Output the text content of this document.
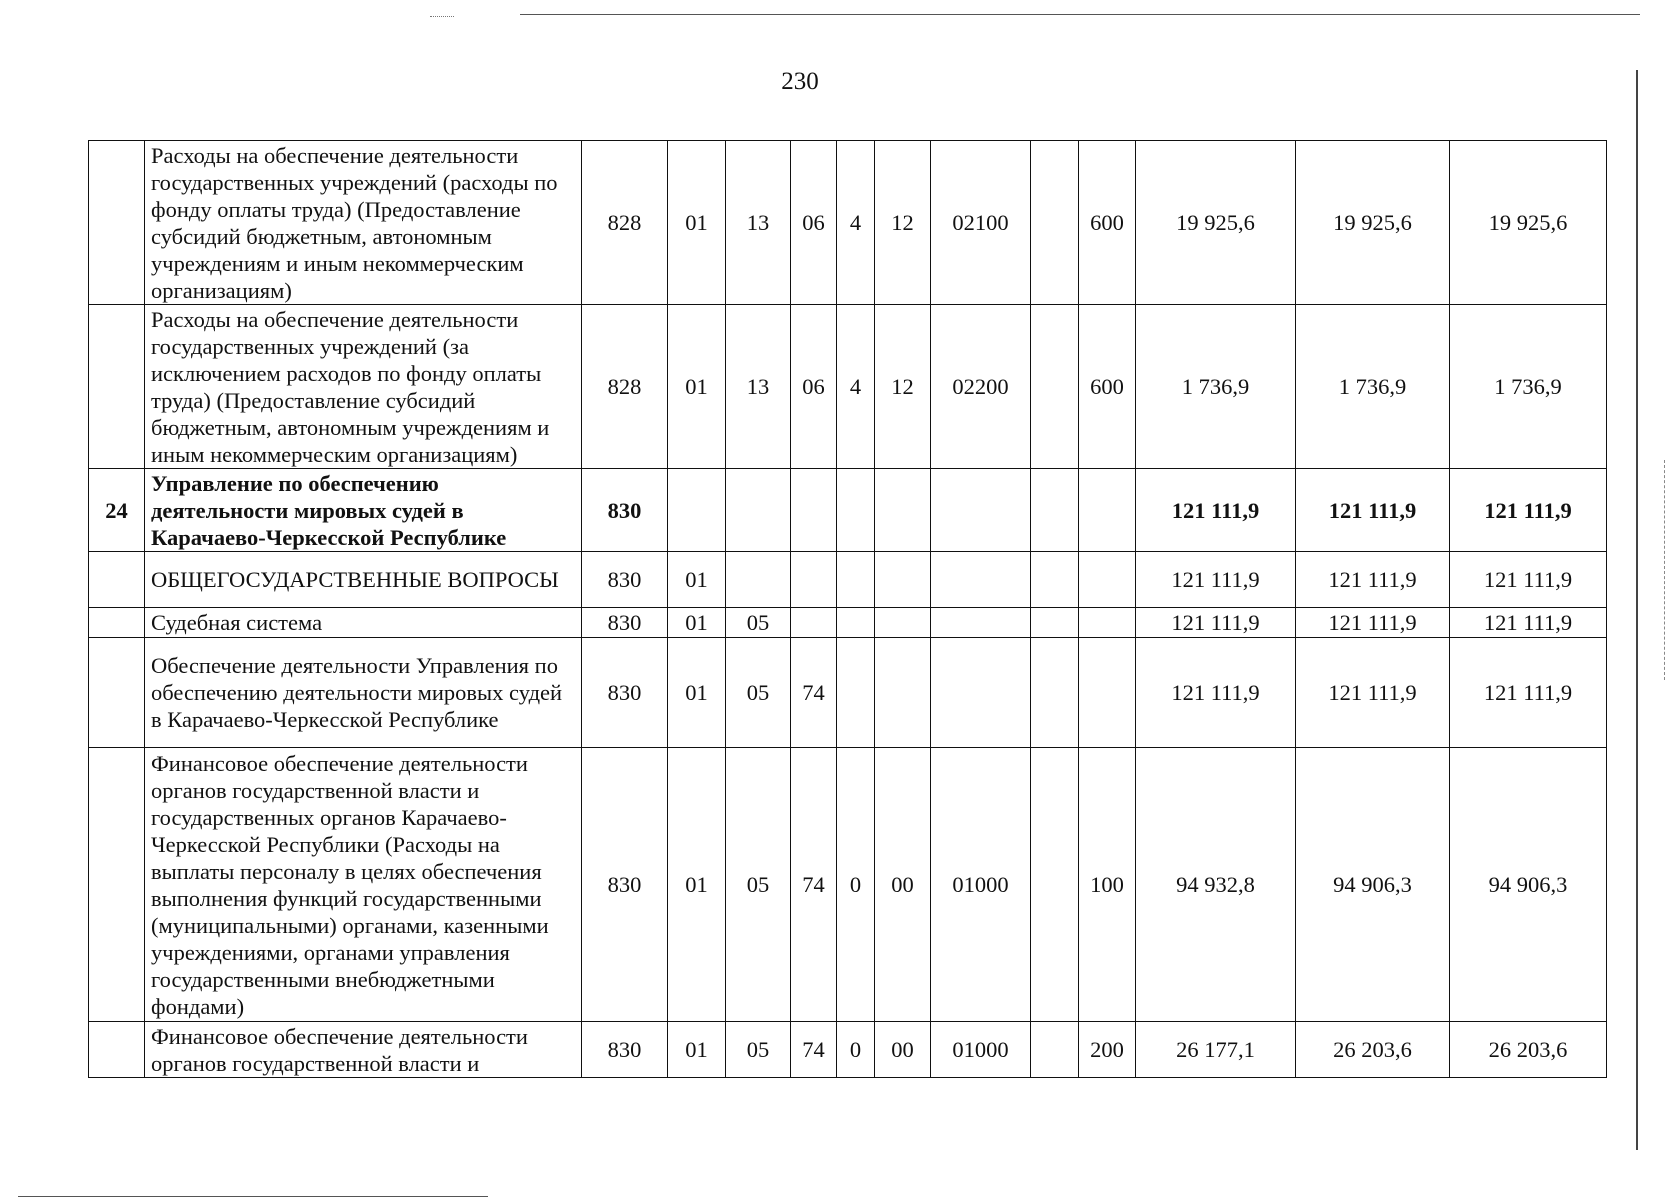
230
	Расходы на обеспечение деятельности государственных учреждений (расходы по фонду оплаты труда) (Предоставление субсидий бюджетным, автономным учреждениям и иным некоммерческим организациям)	828	01	13	06	4	12	02100		600	19 925,6	19 925,6	19 925,6
	Расходы на обеспечение деятельности государственных учреждений (за исключением расходов по фонду оплаты труда) (Предоставление субсидий бюджетным, автономным учреждениям и иным некоммерческим организациям)	828	01	13	06	4	12	02200		600	1 736,9	1 736,9	1 736,9
24	Управление по обеспечению деятельности мировых судей в Карачаево-Черкесской Республике	830									121 111,9	121 111,9	121 111,9
	ОБЩЕГОСУДАРСТВЕННЫЕ ВОПРОСЫ	830	01								121 111,9	121 111,9	121 111,9
	Судебная система	830	01	05							121 111,9	121 111,9	121 111,9
	Обеспечение деятельности Управления по обеспечению деятельности мировых судей в Карачаево-Черкесской Республике	830	01	05	74						121 111,9	121 111,9	121 111,9
	Финансовое обеспечение деятельности органов государственной власти и государственных органов Карачаево-Черкесской Республики (Расходы на выплаты персоналу в целях обеспечения выполнения функций государственными (муниципальными) органами, казенными учреждениями, органами управления государственными внебюджетными фондами)	830	01	05	74	0	00	01000		100	94 932,8	94 906,3	94 906,3
	Финансовое обеспечение деятельности органов государственной власти и	830	01	05	74	0	00	01000		200	26 177,1	26 203,6	26 203,6
